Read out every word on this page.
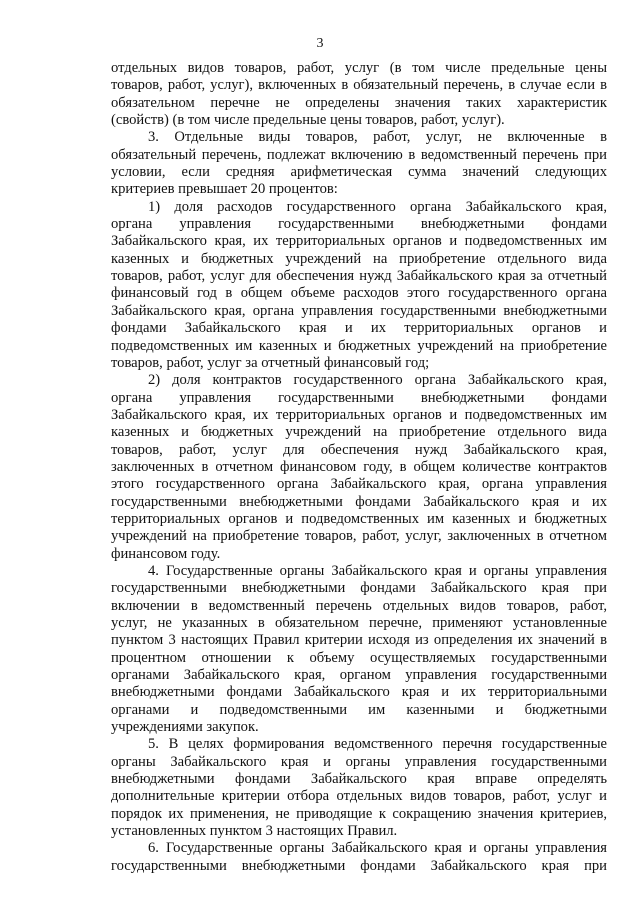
3
отдельных видов товаров, работ, услуг (в том числе предельные цены
товаров, работ, услуг), включенных в обязательный перечень, в случае если в
обязательном перечне не определены значения таких характеристик
(свойств) (в том числе предельные цены товаров, работ, услуг).
3. Отдельные виды товаров, работ, услуг, не включенные в
обязательный перечень, подлежат включению в ведомственный перечень при
условии, если средняя арифметическая сумма значений следующих
критериев превышает 20 процентов:
1) доля расходов государственного органа Забайкальского края,
органа управления государственными внебюджетными фондами
Забайкальского края, их территориальных органов и подведомственных им
казенных и бюджетных учреждений на приобретение отдельного вида
товаров, работ, услуг для обеспечения нужд Забайкальского края за отчетный
финансовый год в общем объеме расходов этого государственного органа
Забайкальского края, органа управления государственными внебюджетными
фондами Забайкальского края и их территориальных органов и
подведомственных им казенных и бюджетных учреждений на приобретение
товаров, работ, услуг за отчетный финансовый год;
2) доля контрактов государственного органа Забайкальского края,
органа управления государственными внебюджетными фондами
Забайкальского края, их территориальных органов и подведомственных им
казенных и бюджетных учреждений на приобретение отдельного вида
товаров, работ, услуг для обеспечения нужд Забайкальского края,
заключенных в отчетном финансовом году, в общем количестве контрактов
этого государственного органа Забайкальского края, органа управления
государственными внебюджетными фондами Забайкальского края и их
территориальных органов и подведомственных им казенных и бюджетных
учреждений на приобретение товаров, работ, услуг, заключенных в отчетном
финансовом году.
4. Государственные органы Забайкальского края и органы управления
государственными внебюджетными фондами Забайкальского края при
включении в ведомственный перечень отдельных видов товаров, работ,
услуг, не указанных в обязательном перечне, применяют установленные
пунктом 3 настоящих Правил критерии исходя из определения их значений в
процентном отношении к объему осуществляемых государственными
органами Забайкальского края, органом управления государственными
внебюджетными фондами Забайкальского края и их территориальными
органами и подведомственными им казенными и бюджетными
учреждениями закупок.
5. В целях формирования ведомственного перечня государственные
органы Забайкальского края и органы управления государственными
внебюджетными фондами Забайкальского края вправе определять
дополнительные критерии отбора отдельных видов товаров, работ, услуг и
порядок их применения, не приводящие к сокращению значения критериев,
установленных пунктом 3 настоящих Правил.
6. Государственные органы Забайкальского края и органы управления
государственными внебюджетными фондами Забайкальского края при
